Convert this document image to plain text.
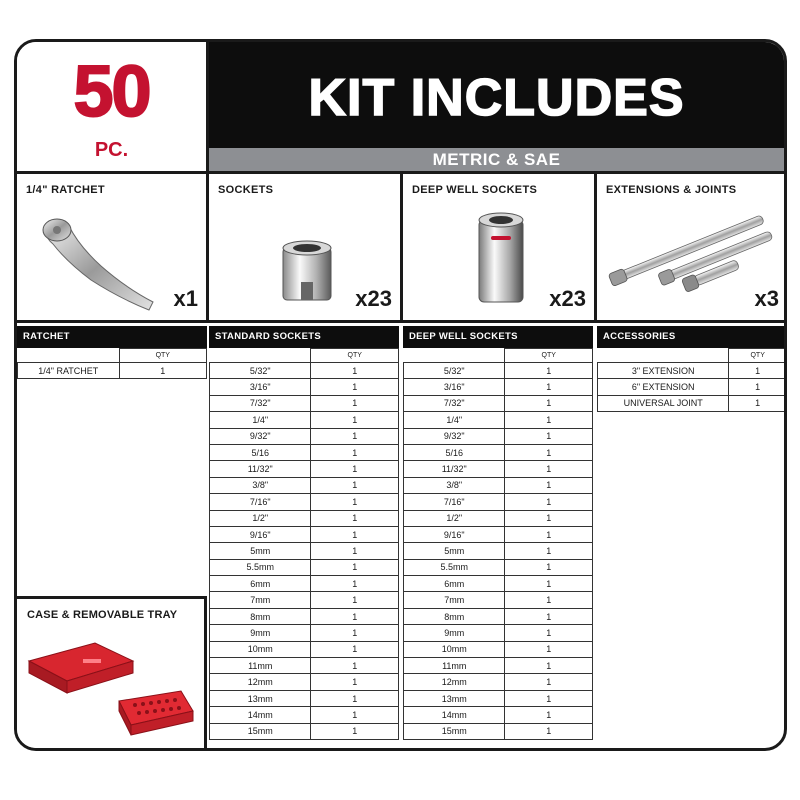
50
PC.
KIT INCLUDES
METRIC & SAE
1/4" RATCHET
x1
SOCKETS
x23
DEEP WELL SOCKETS
x23
EXTENSIONS & JOINTS
x3
RATCHET
	QTY
1/4" RATCHET	1
STANDARD SOCKETS
	QTY
5/32"	1
3/16"	1
7/32"	1
1/4"	1
9/32"	1
5/16	1
11/32"	1
3/8"	1
7/16"	1
1/2"	1
9/16"	1
5mm	1
5.5mm	1
6mm	1
7mm	1
8mm	1
9mm	1
10mm	1
11mm	1
12mm	1
13mm	1
14mm	1
15mm	1
DEEP WELL SOCKETS
	QTY
5/32"	1
3/16"	1
7/32"	1
1/4"	1
9/32"	1
5/16	1
11/32"	1
3/8"	1
7/16"	1
1/2"	1
9/16"	1
5mm	1
5.5mm	1
6mm	1
7mm	1
8mm	1
9mm	1
10mm	1
11mm	1
12mm	1
13mm	1
14mm	1
15mm	1
ACCESSORIES
	QTY
3" EXTENSION	1
6" EXTENSION	1
UNIVERSAL JOINT	1
CASE & REMOVABLE TRAY
